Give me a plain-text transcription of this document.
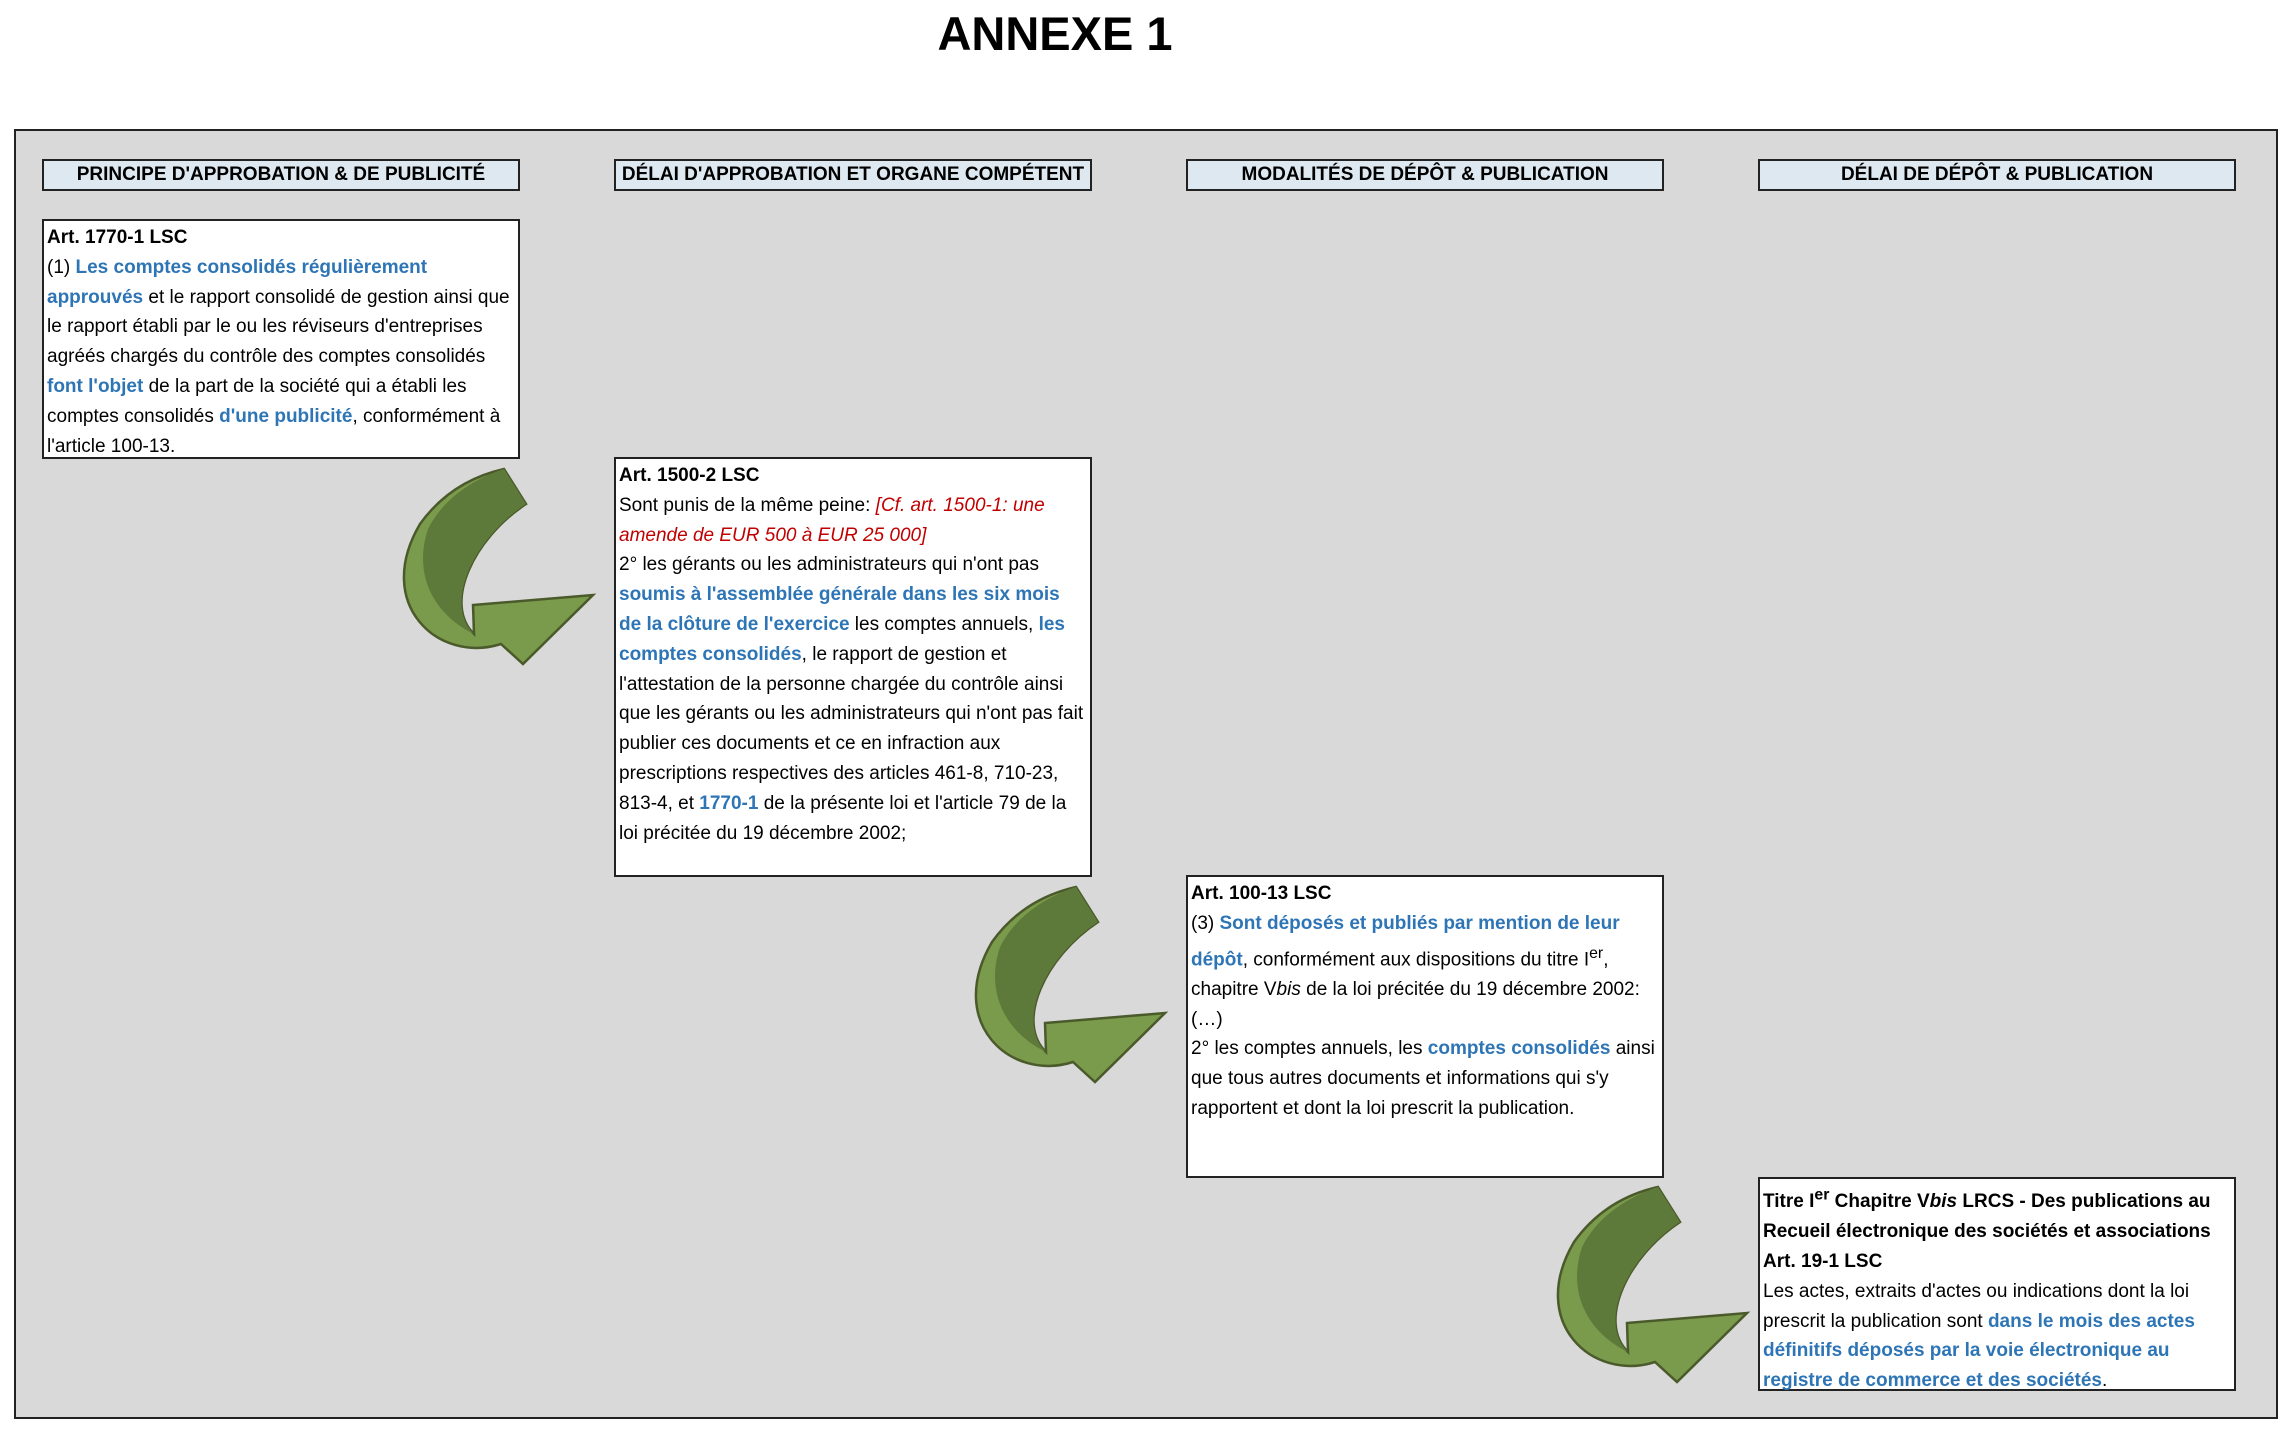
ANNEXE 1
PRINCIPE D'APPROBATION & DE PUBLICITÉ	DÉLAI D'APPROBATION ET ORGANE COMPÉTENT	MODALITÉS DE DÉPÔT & PUBLICATION	DÉLAI DE DÉPÔT & PUBLICATION
Art. 1770-1 LSC
(1) Les comptes consolidés régulièrement approuvés et le rapport consolidé de gestion ainsi que le rapport établi par le ou les réviseurs d'entreprises agréés chargés du contrôle des comptes consolidés font l'objet de la part de la société qui a établi les comptes consolidés d'une publicité, conformément à l'article 100-13.
Art. 1500-2 LSC
Sont punis de la même peine: [Cf. art. 1500-1: une amende de EUR 500 à EUR 25 000]
2° les gérants ou les administrateurs qui n'ont pas soumis à l'assemblée générale dans les six mois de la clôture de l'exercice les comptes annuels, les comptes consolidés, le rapport de gestion et l'attestation de la personne chargée du contrôle ainsi que les gérants ou les administrateurs qui n'ont pas fait publier ces documents et ce en infraction aux prescriptions respectives des articles 461-8, 710-23, 813-4, et 1770-1 de la présente loi et l'article 79 de la loi précitée du 19 décembre 2002;
Art. 100-13 LSC
(3) Sont déposés et publiés par mention de leur dépôt, conformément aux dispositions du titre Ier, chapitre Vbis de la loi précitée du 19 décembre 2002:
(…)
2° les comptes annuels, les comptes consolidés ainsi que tous autres documents et informations qui s'y rapportent et dont la loi prescrit la publication.
Titre Ier Chapitre Vbis LRCS - Des publications au Recueil électronique des sociétés et associations
Art. 19-1 LSC
Les actes, extraits d'actes ou indications dont la loi prescrit la publication sont dans le mois des actes définitifs déposés par la voie électronique au registre de commerce et des sociétés.
